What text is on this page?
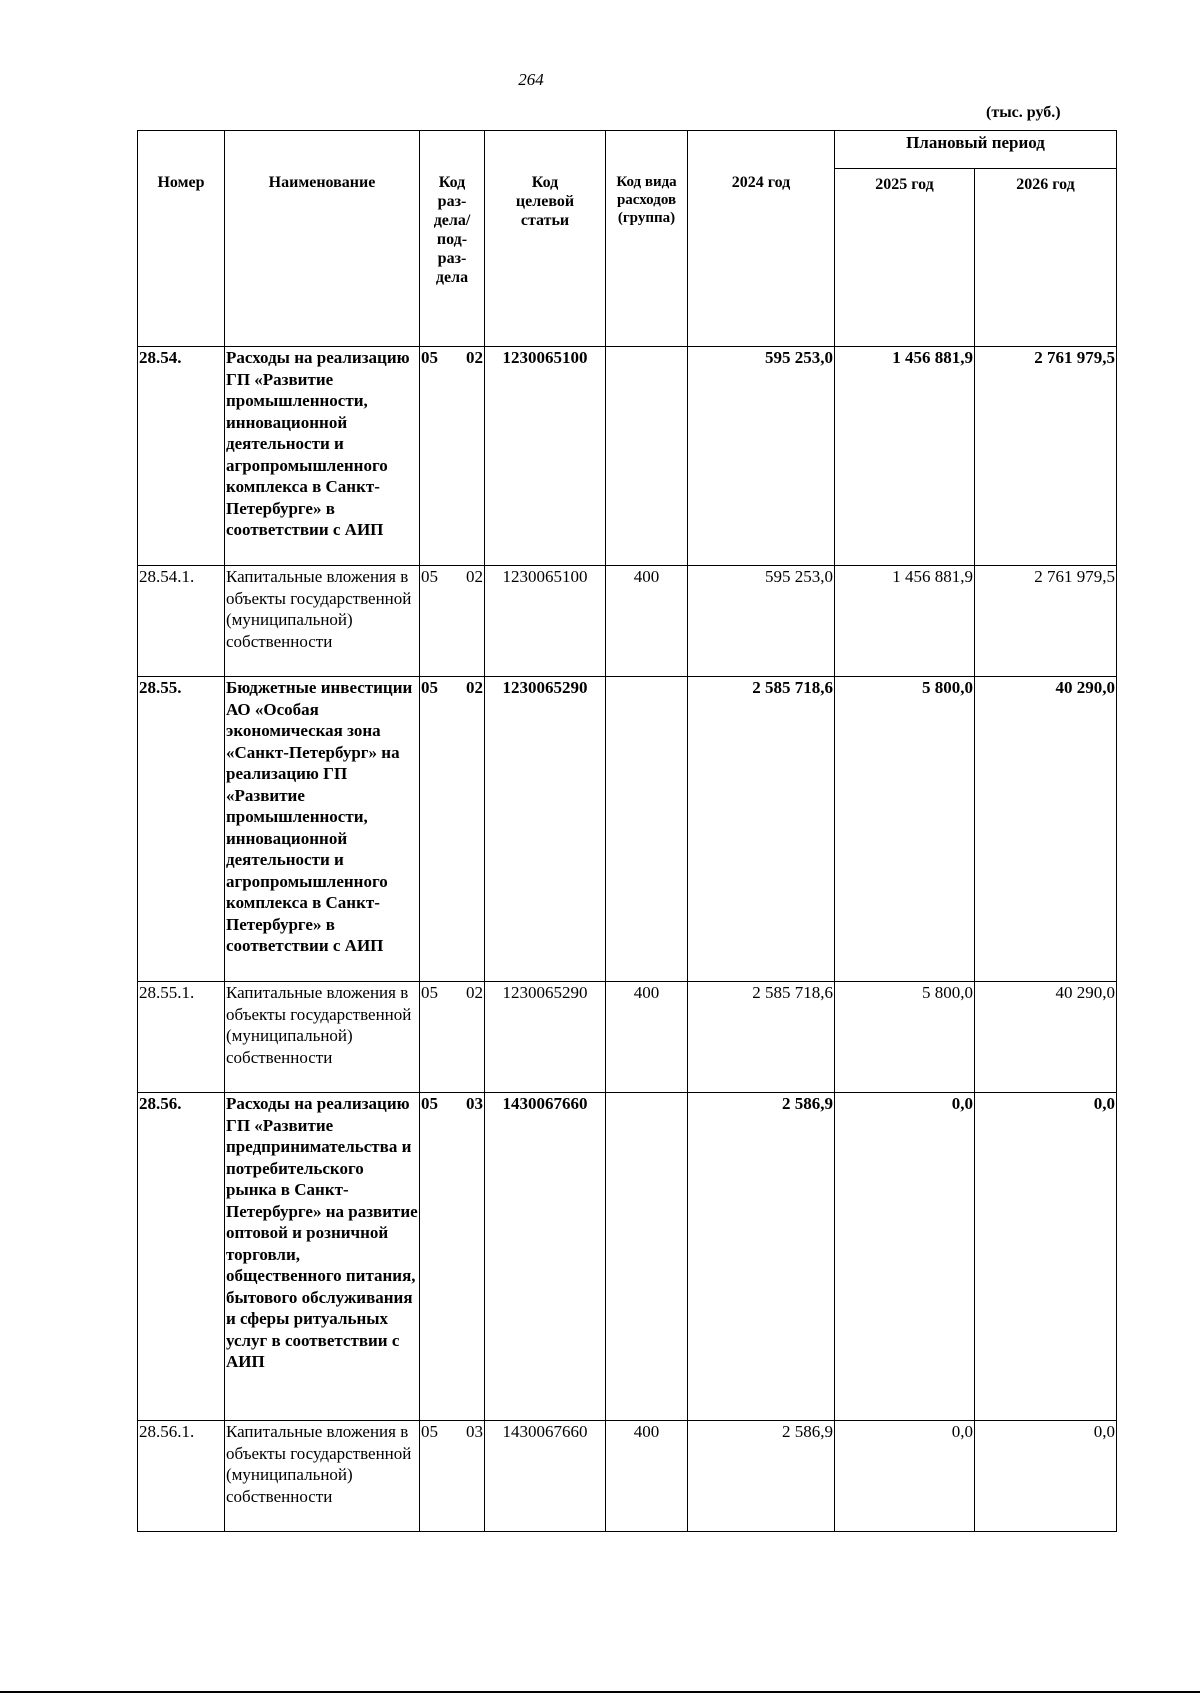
264
(тыс. руб.)
Номер	Наименование	Код раз-дела/ под-раз-дела	Код целевой статьи	Код вида расходов (группа)	2024 год	Плановый период	
						2025 год	2026 год
28.54.	Расходы на реализацию ГП «Развитие промышленности, инновационной деятельности и агропромышленного комплекса в Санкт-Петербурге» в соответствии с АИП	05 02	1230065100		595 253,0	1 456 881,9	2 761 979,5
28.54.1.	Капитальные вложения в объекты государственной (муниципальной) собственности	05 02	1230065100	400	595 253,0	1 456 881,9	2 761 979,5
28.55.	Бюджетные инвестиции АО «Особая экономическая зона «Санкт-Петербург» на реализацию ГП «Развитие промышленности, инновационной деятельности и агропромышленного комплекса в Санкт-Петербурге» в соответствии с АИП	05 02	1230065290		2 585 718,6	5 800,0	40 290,0
28.55.1.	Капитальные вложения в объекты государственной (муниципальной) собственности	05 02	1230065290	400	2 585 718,6	5 800,0	40 290,0
28.56.	Расходы на реализацию ГП «Развитие предпринимательства и потребительского рынка в Санкт-Петербурге» на развитие оптовой и розничной торговли, общественного питания, бытового обслуживания и сферы ритуальных услуг в соответствии с АИП	05 03	1430067660		2 586,9	0,0	0,0
28.56.1.	Капитальные вложения в объекты государственной (муниципальной) собственности	05 03	1430067660	400	2 586,9	0,0	0,0
